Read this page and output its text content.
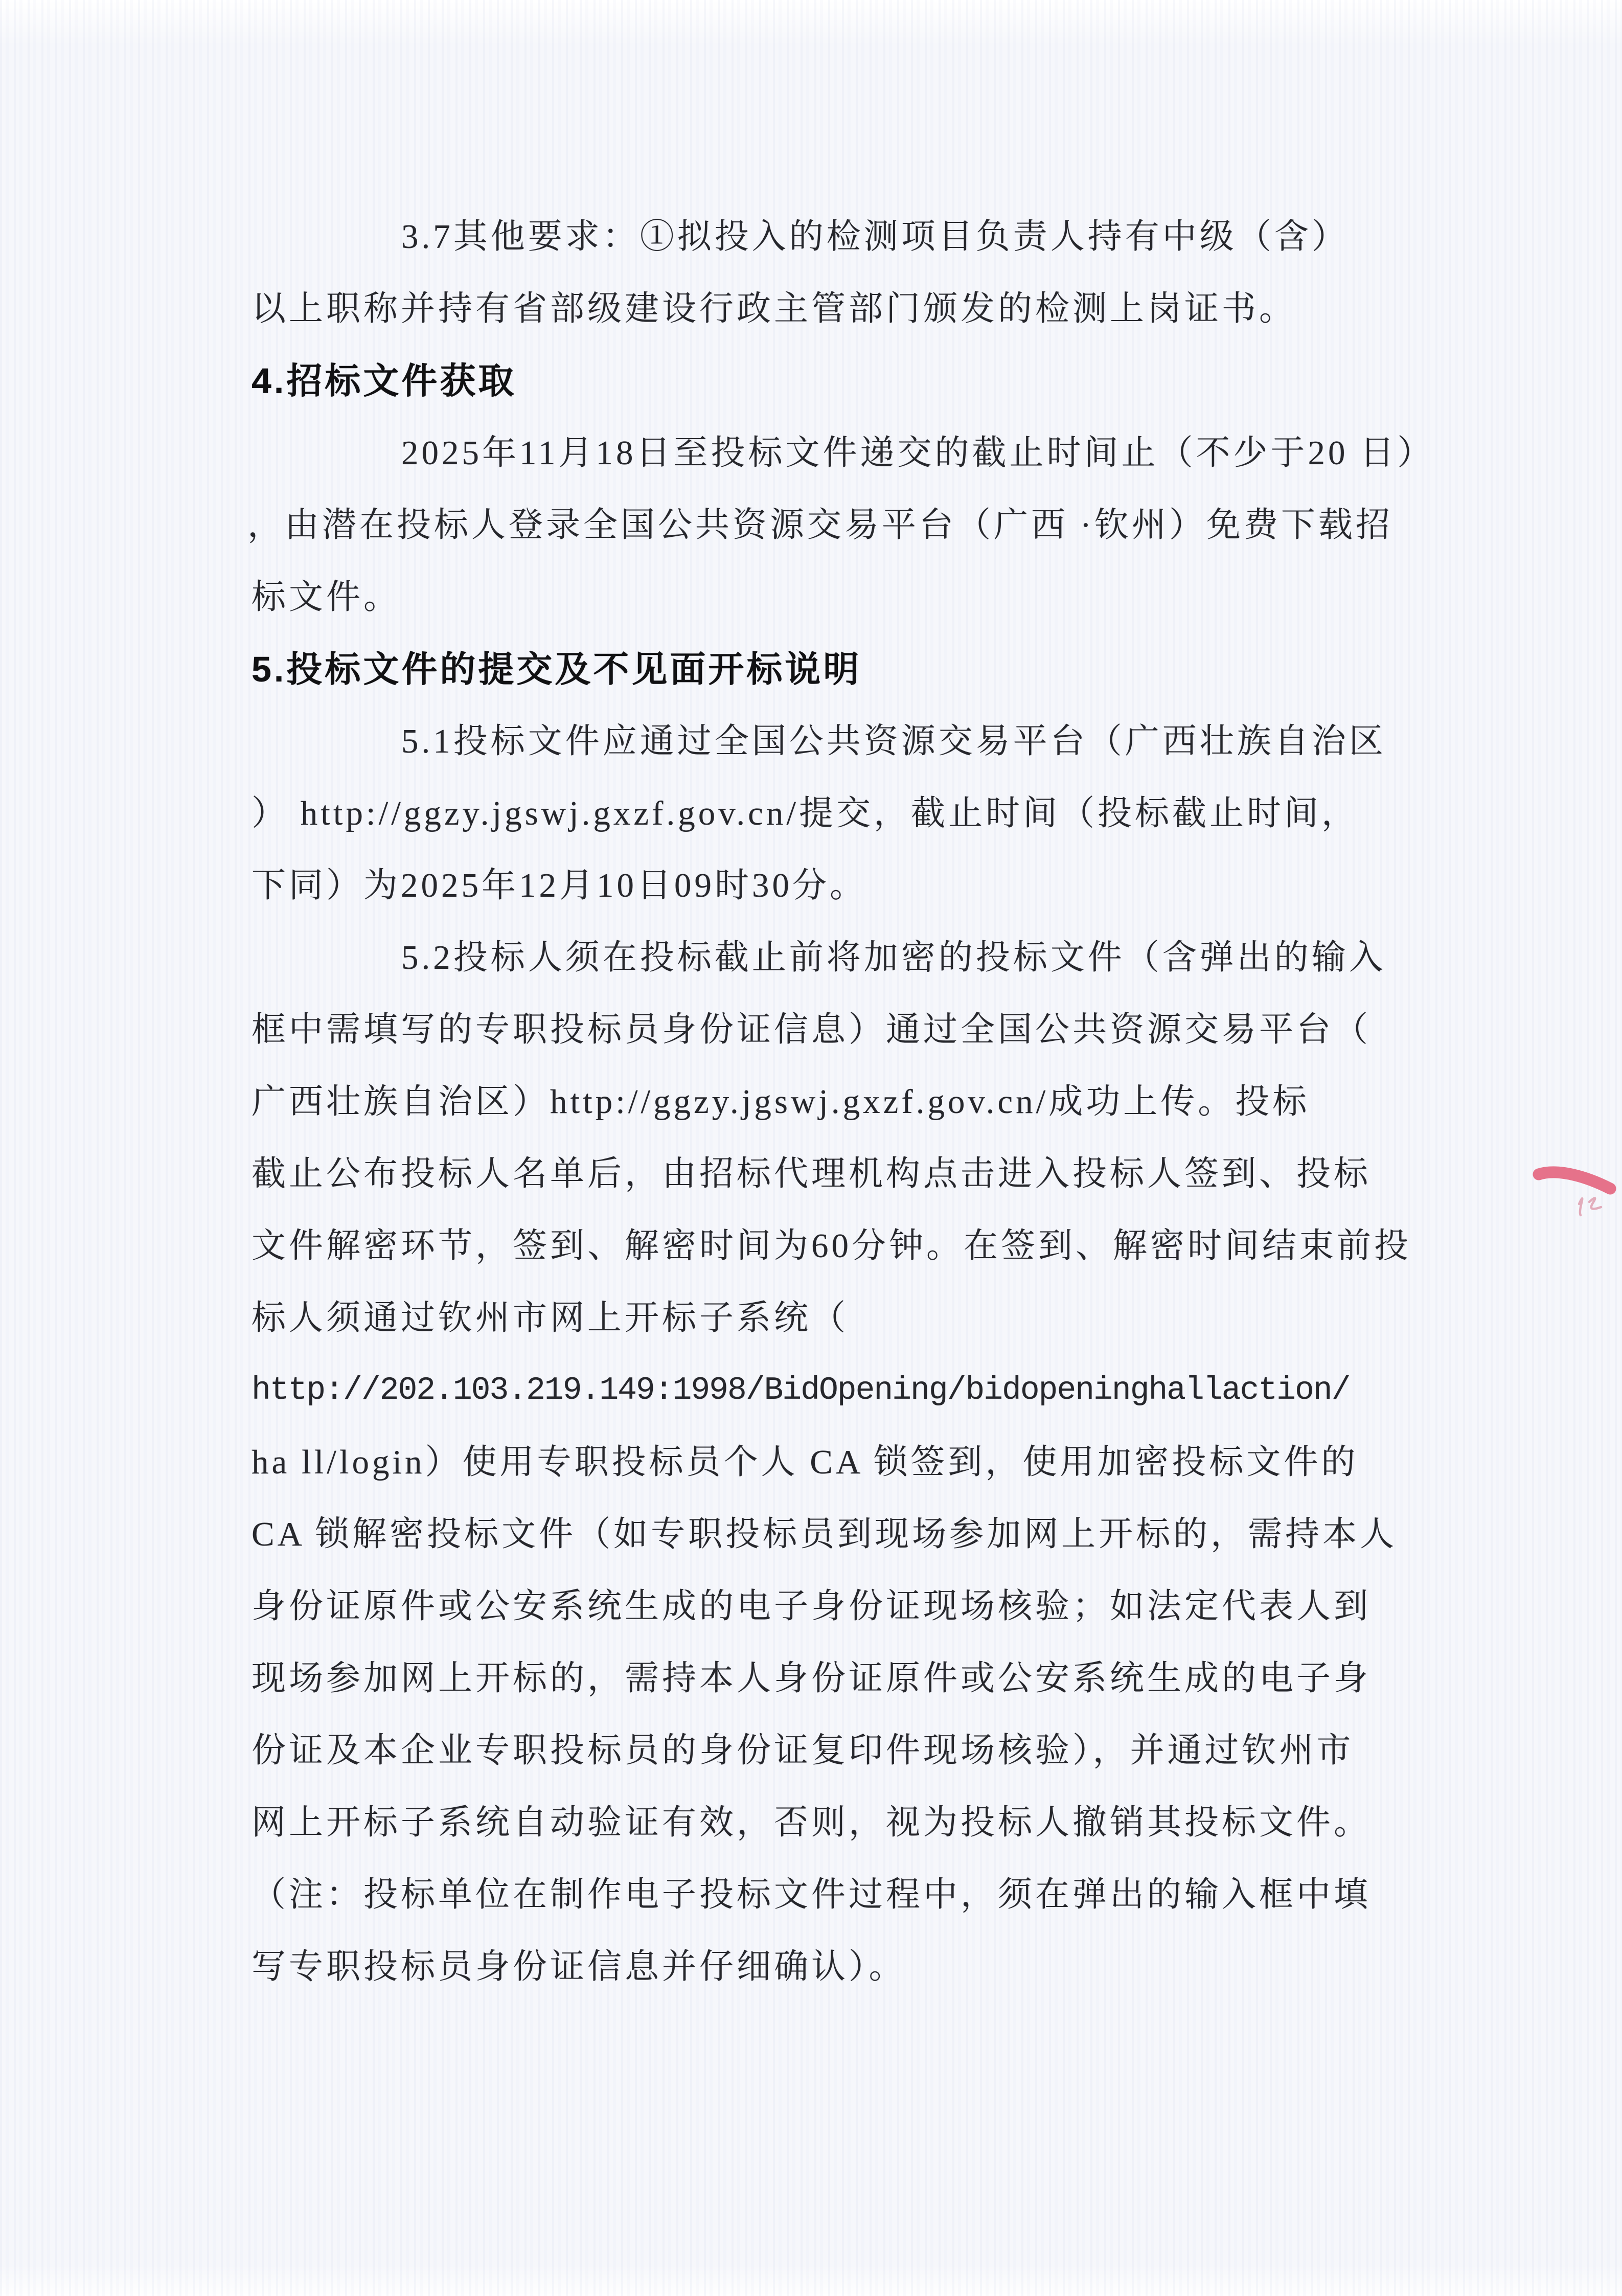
3.7其他要求：①拟投入的检测项目负责人持有中级（含）
以上职称并持有省部级建设行政主管部门颁发的检测上岗证书。
4.招标文件获取
2025年11月18日至投标文件递交的截止时间止（不少于20 日）
，由潜在投标人登录全国公共资源交易平台（广西 ·钦州）免费下载招
标文件。
5.投标文件的提交及不见面开标说明
5.1投标文件应通过全国公共资源交易平台（广西壮族自治区
） http://ggzy.jgswj.gxzf.gov.cn/提交，截止时间（投标截止时间，
下同）为2025年12月10日09时30分。
5.2投标人须在投标截止前将加密的投标文件（含弹出的输入
框中需填写的专职投标员身份证信息）通过全国公共资源交易平台（
广西壮族自治区）http://ggzy.jgswj.gxzf.gov.cn/成功上传。投标
截止公布投标人名单后，由招标代理机构点击进入投标人签到、投标
文件解密环节，签到、解密时间为60分钟。在签到、解密时间结束前投
标人须通过钦州市网上开标子系统（
http://202.103.219.149:1998/BidOpening/bidopeninghallaction/
ha ll/login）使用专职投标员个人 CA 锁签到，使用加密投标文件的
CA 锁解密投标文件（如专职投标员到现场参加网上开标的，需持本人
身份证原件或公安系统生成的电子身份证现场核验；如法定代表人到
现场参加网上开标的，需持本人身份证原件或公安系统生成的电子身
份证及本企业专职投标员的身份证复印件现场核验），并通过钦州市
网上开标子系统自动验证有效，否则，视为投标人撤销其投标文件。
（注：投标单位在制作电子投标文件过程中，须在弹出的输入框中填
写专职投标员身份证信息并仔细确认）。
